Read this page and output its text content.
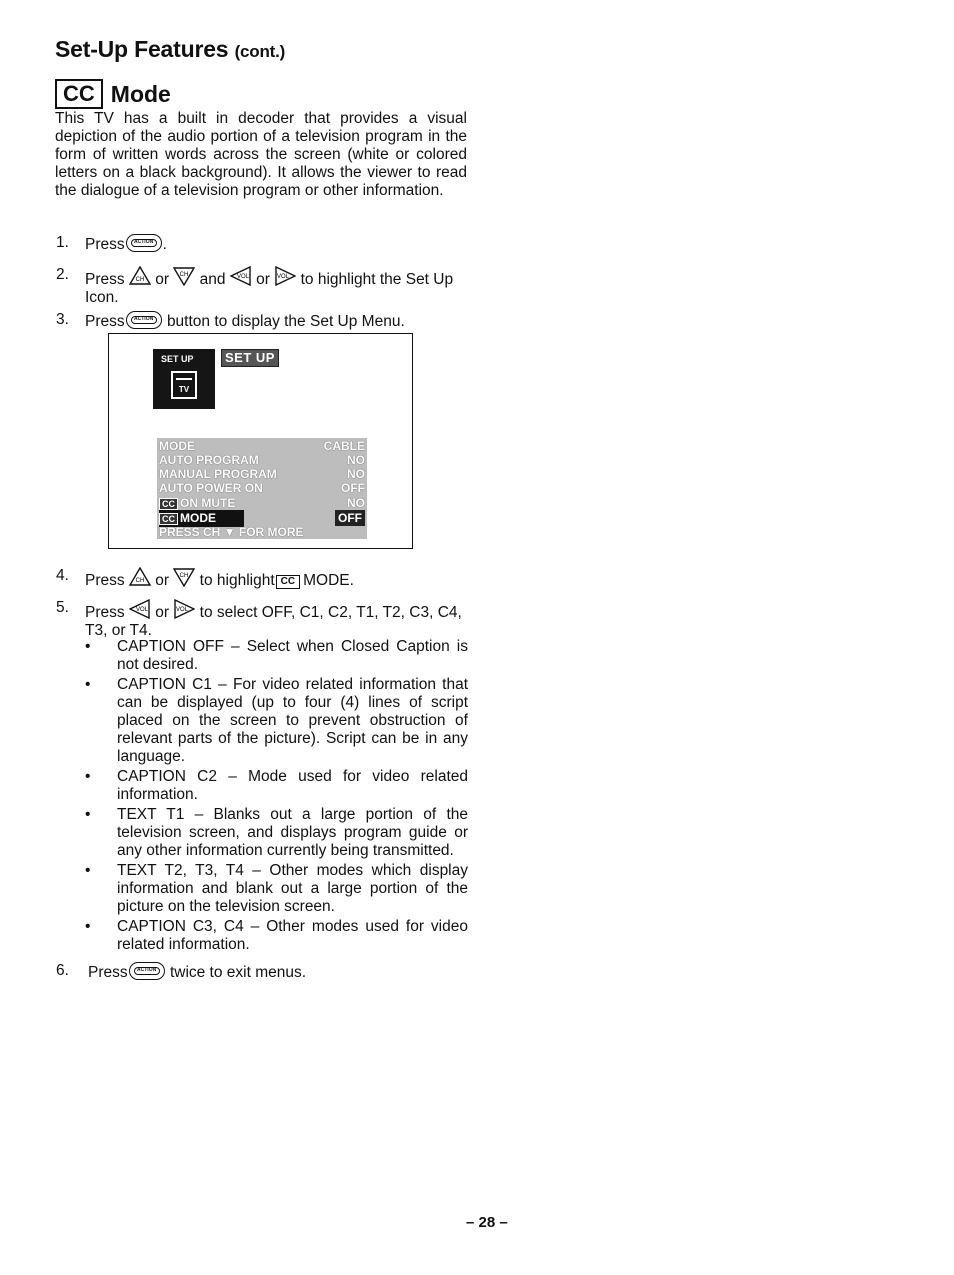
Set-Up Features (cont.)
CC Mode
This TV has a built in decoder that provides a visual depiction of the audio portion of a television program in the form of written words across the screen (white or colored letters on a black background). It allows the viewer to read the dialogue of a television program or other information.
1.	Press	ACTION .
2.	Press CH or CH and VOL or VOL to highlight the Set Up Icon.
3.	Press	ACTION button to display the Set Up Menu.
SET UP
TV
SET UP
MODE	CABLE
AUTO PROGRAM	NO
MANUAL PROGRAM	NO
AUTO POWER ON	OFF
CC ON MUTE	NO
CC MODE	OFF
PRESS CH ▼ FOR MORE
4.	Press CH or CH to highlight CC MODE.
5.	Press VOL or VOL to select OFF, C1, C2, T1, T2, C3, C4, T3, or T4.
• CAPTION OFF – Select when Closed Caption is not desired.
• CAPTION C1 – For video related information that can be displayed (up to four (4) lines of script placed on the screen to prevent obstruction of relevant parts of the picture). Script can be in any language.
• CAPTION C2 – Mode used for video related information.
• TEXT T1 – Blanks out a large portion of the television screen, and displays program guide or any other information currently being transmitted.
• TEXT T2, T3, T4 – Other modes which display information and blank out a large portion of the picture on the television screen.
• CAPTION C3, C4 – Other modes used for video related information.
6.	Press	ACTION twice to exit menus.
– 28 –
